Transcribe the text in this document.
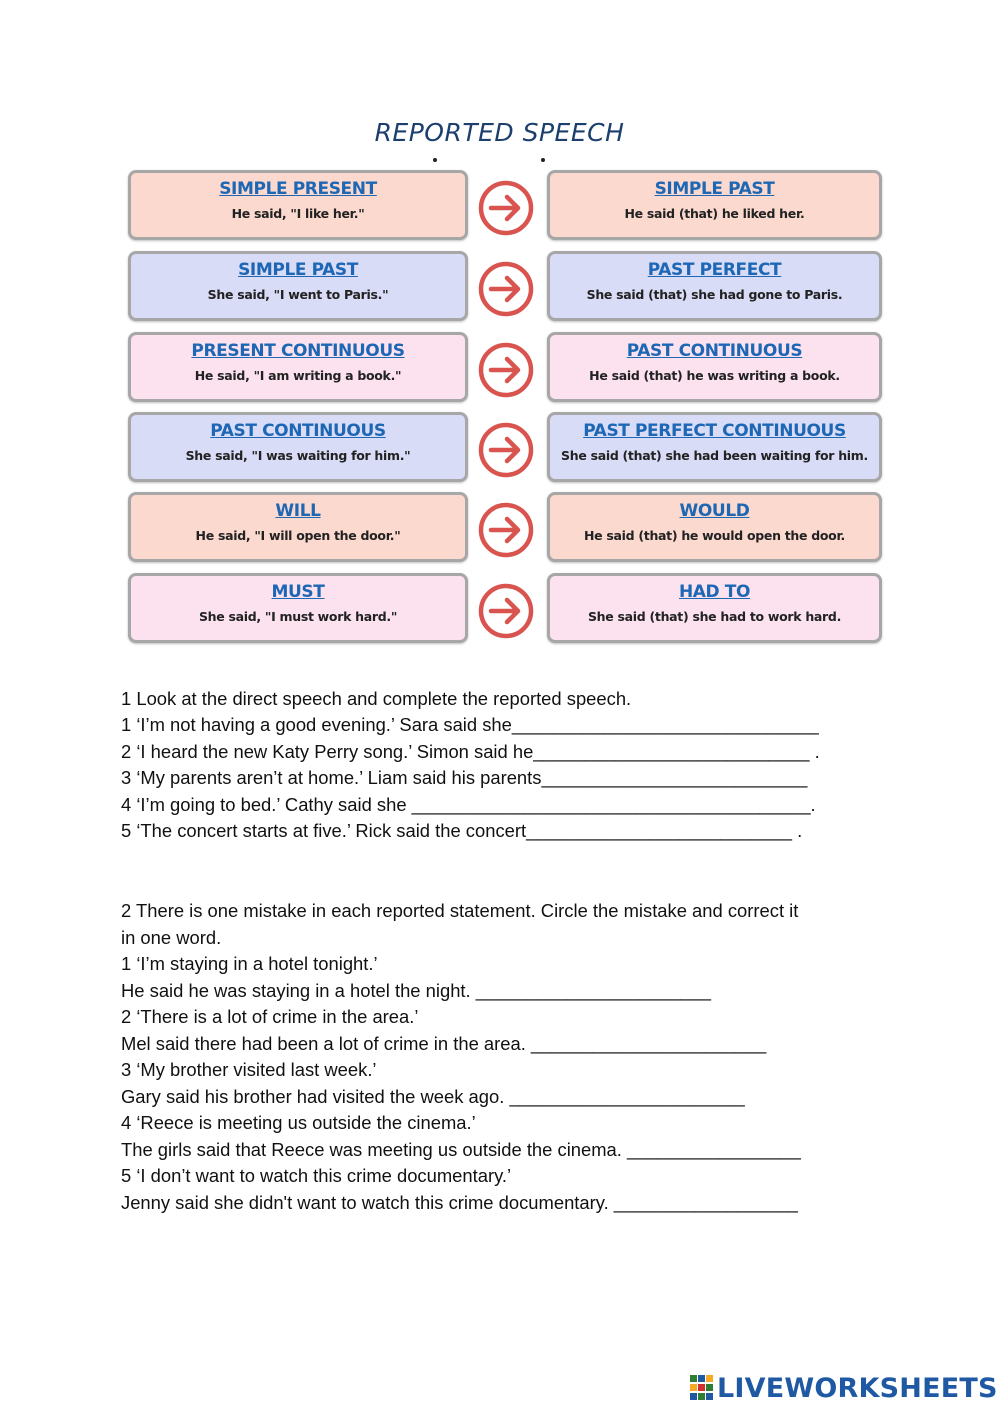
REPORTED SPEECH
SIMPLE PRESENT
He said, "I like her."
SIMPLE PAST
He said (that) he liked her.
SIMPLE PAST
She said, "I went to Paris."
PAST PERFECT
She said (that) she had gone to Paris.
PRESENT CONTINUOUS
He said, "I am writing a book."
PAST CONTINUOUS
He said (that) he was writing a book.
PAST CONTINUOUS
She said, "I was waiting for him."
PAST PERFECT CONTINUOUS
She said (that) she had been waiting for him.
WILL
He said, "I will open the door."
WOULD
He said (that) he would open the door.
MUST
She said, "I must work hard."
HAD TO
She said (that) she had to work hard.
1 Look at the direct speech and complete the reported speech.
1 ‘I’m not having a good evening.’ Sara said she______________________________
2 ‘I heard the new Katy Perry song.’ Simon said he___________________________ .
3 ‘My parents aren’t at home.’ Liam said his parents__________________________
4 ‘I’m going to bed.’ Cathy said she _______________________________________.
5 ‘The concert starts at five.’ Rick said the concert__________________________ .
2 There is one mistake in each reported statement. Circle the mistake and correct it
in one word.
1 ‘I’m staying in a hotel tonight.’
He said he was staying in a hotel the night. _______________________
2 ‘There is a lot of crime in the area.’
Mel said there had been a lot of crime in the area. _______________________
3 ‘My brother visited last week.’
Gary said his brother had visited the week ago. _______________________
4 ‘Reece is meeting us outside the cinema.’
The girls said that Reece was meeting us outside the cinema. _________________
5 ‘I don’t want to watch this crime documentary.’
Jenny said she didn't want to watch this crime documentary. __________________
LIVEWORKSHEETS
